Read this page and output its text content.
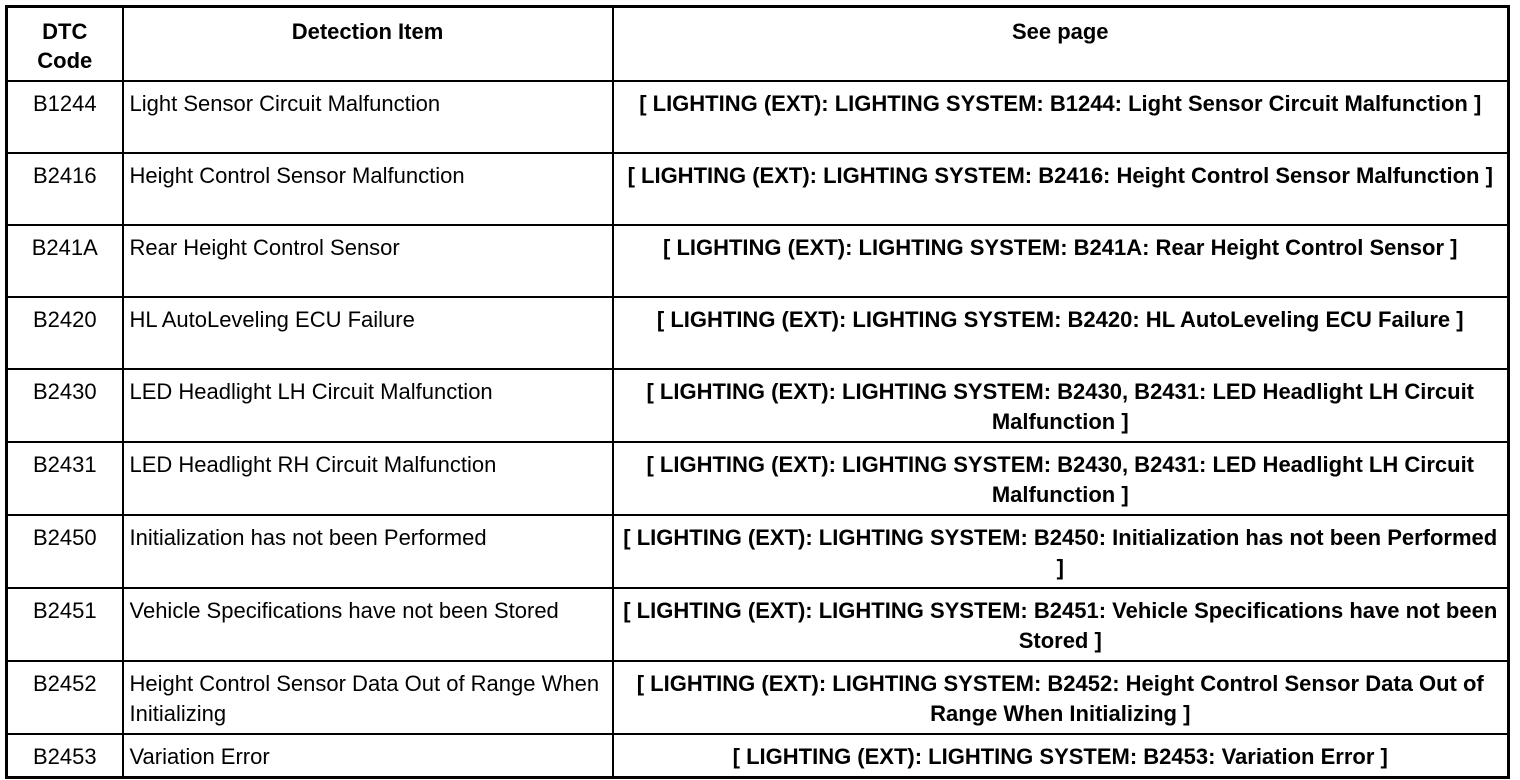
DTC
Code	Detection Item	See page
B1244	Light Sensor Circuit Malfunction	[ LIGHTING (EXT): LIGHTING SYSTEM: B1244: Light Sensor Circuit Malfunction ]
B2416	Height Control Sensor Malfunction	[ LIGHTING (EXT): LIGHTING SYSTEM: B2416: Height Control Sensor Malfunction ]
B241A	Rear Height Control Sensor	[ LIGHTING (EXT): LIGHTING SYSTEM: B241A: Rear Height Control Sensor ]
B2420	HL AutoLeveling ECU Failure	[ LIGHTING (EXT): LIGHTING SYSTEM: B2420: HL AutoLeveling ECU Failure ]
B2430	LED Headlight LH Circuit Malfunction	[ LIGHTING (EXT): LIGHTING SYSTEM: B2430, B2431: LED Headlight LH Circuit Malfunction ]
B2431	LED Headlight RH Circuit Malfunction	[ LIGHTING (EXT): LIGHTING SYSTEM: B2430, B2431: LED Headlight LH Circuit Malfunction ]
B2450	Initialization has not been Performed	[ LIGHTING (EXT): LIGHTING SYSTEM: B2450: Initialization has not been Performed ]
B2451	Vehicle Specifications have not been Stored	[ LIGHTING (EXT): LIGHTING SYSTEM: B2451: Vehicle Specifications have not been Stored ]
B2452	Height Control Sensor Data Out of Range When Initializing	[ LIGHTING (EXT): LIGHTING SYSTEM: B2452: Height Control Sensor Data Out of Range When Initializing ]
B2453	Variation Error	[ LIGHTING (EXT): LIGHTING SYSTEM: B2453: Variation Error ]
